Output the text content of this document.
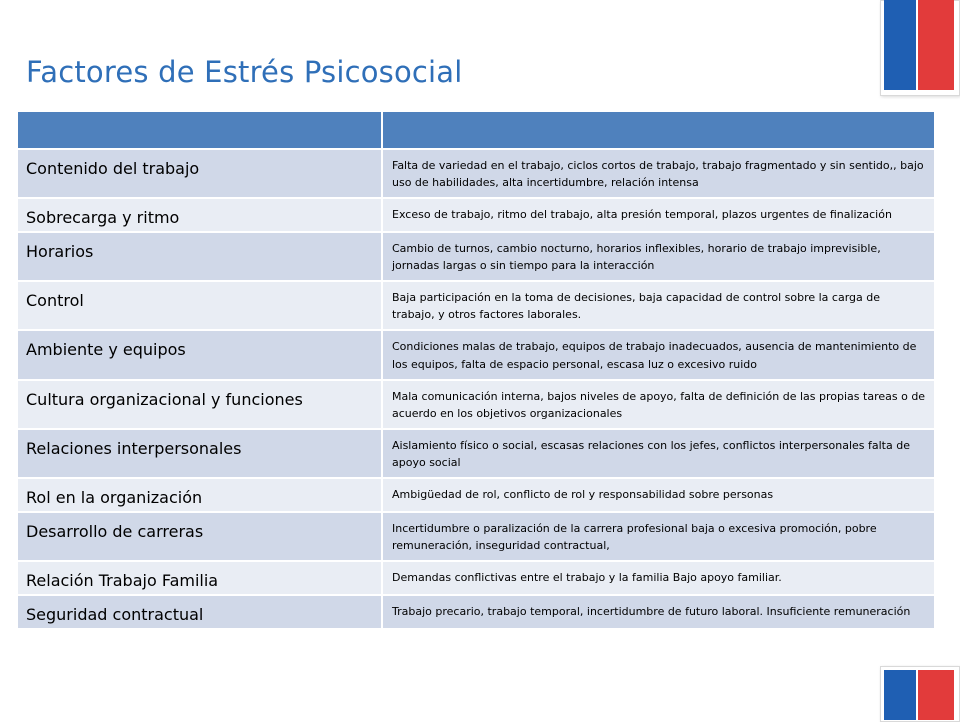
Factores de Estrés Psicosocial

Contenido del trabajo	Falta de variedad en el trabajo, ciclos cortos de trabajo, trabajo fragmentado y sin sentido,, bajo uso de habilidades, alta incertidumbre, relación intensa
Sobrecarga y ritmo	Exceso de trabajo, ritmo del trabajo, alta presión temporal, plazos urgentes de finalización
Horarios	Cambio de turnos, cambio nocturno, horarios inflexibles, horario de trabajo imprevisible, jornadas largas o sin tiempo para la interacción
Control	Baja participación en la toma de decisiones, baja capacidad de control sobre la carga de trabajo, y otros factores laborales.
Ambiente y equipos	Condiciones malas de trabajo, equipos de trabajo inadecuados, ausencia de mantenimiento de los equipos, falta de espacio personal, escasa luz o excesivo ruido
Cultura organizacional y funciones	Mala comunicación interna, bajos niveles de apoyo, falta de definición de las propias tareas o de acuerdo en los objetivos organizacionales
Relaciones interpersonales	Aislamiento físico o social, escasas relaciones con los jefes, conflictos interpersonales falta de apoyo social
Rol en la organización	Ambigüedad de rol, conflicto de rol y responsabilidad sobre personas
Desarrollo de carreras	Incertidumbre o paralización de la carrera profesional baja o excesiva promoción, pobre remuneración, inseguridad contractual,
Relación Trabajo Familia	Demandas conflictivas entre el trabajo y la familia Bajo apoyo familiar.
Seguridad contractual	Trabajo precario, trabajo temporal, incertidumbre de futuro laboral. Insuficiente remuneración
